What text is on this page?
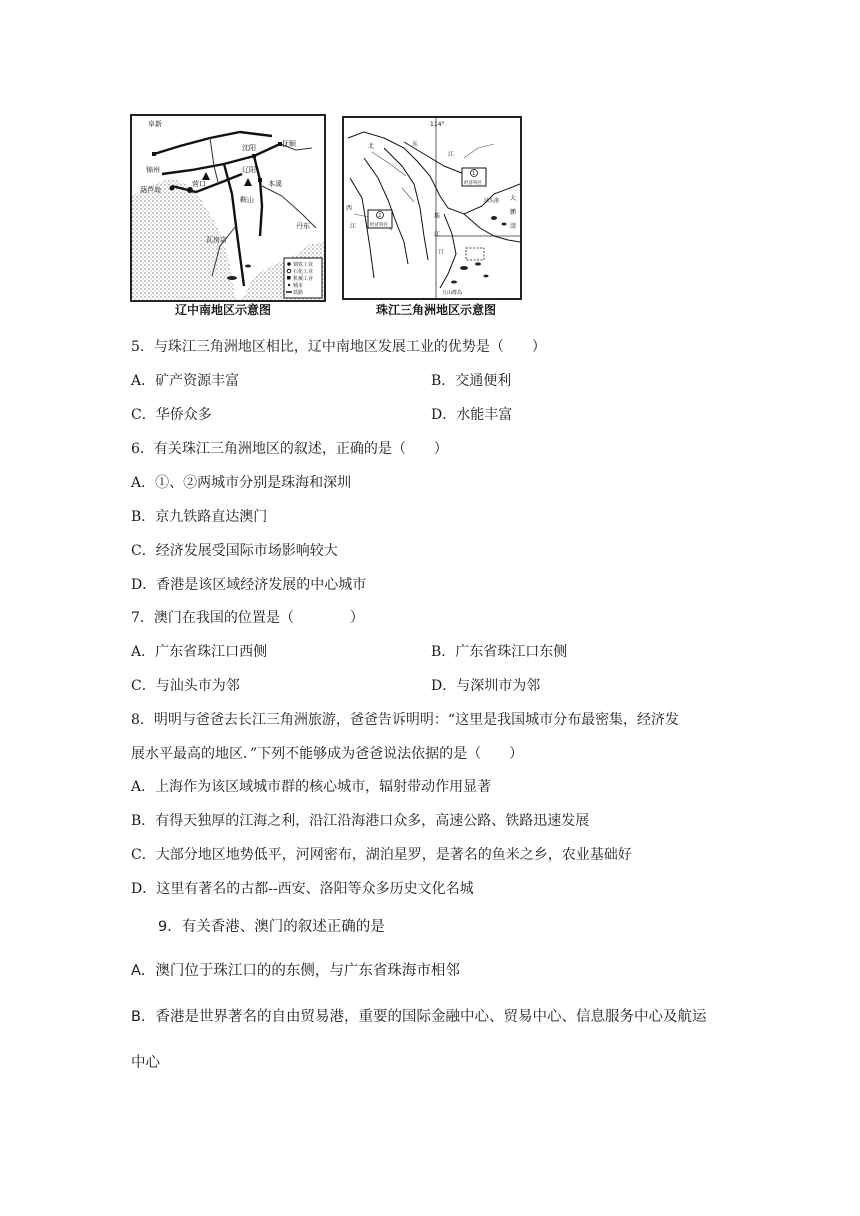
阜新
沈阳	抚顺
锦州	辽阳
本溪
葫芦岛
营口
鞍山
丹东
瓦房店
钢铁工业
石化工业
机械工业
城市
铁路
辽中南地区示意图
1
经济特区
2
经济特区
114°
北	东
江
西
江
珠
江
口
万山群岛
汕头港 大
鹏
湾
珠江三角洲地区示意图
5．与珠江三角洲地区相比，辽中南地区发展工业的优势是（　　）
A．矿产资源丰富	B．交通便利
C．华侨众多	D．水能丰富
6．有关珠江三角洲地区的叙述，正确的是（　　）
A．①、②两城市分别是珠海和深圳
B．京九铁路直达澳门
C．经济发展受国际市场影响较大
D．香港是该区域经济发展的中心城市
7．澳门在我国的位置是（　　　　）
A．广东省珠江口西侧	B．广东省珠江口东侧
C．与汕头市为邻	D．与深圳市为邻
8．明明与爸爸去长江三角洲旅游，爸爸告诉明明：“这里是我国城市分布最密集，经济发
展水平最高的地区．”下列不能够成为爸爸说法依据的是（　　）
A．上海作为该区域城市群的核心城市，辐射带动作用显著
B．有得天独厚的江海之利，沿江沿海港口众多，高速公路、铁路迅速发展
C．大部分地区地势低平，河网密布，湖泊星罗，是著名的鱼米之乡，农业基础好
D．这里有著名的古都--西安、洛阳等众多历史文化名城
9．有关香港、澳门的叙述正确的是
A．澳门位于珠江口的的东侧，与广东省珠海市相邻
B．香港是世界著名的自由贸易港，重要的国际金融中心、贸易中心、信息服务中心及航运
中心
